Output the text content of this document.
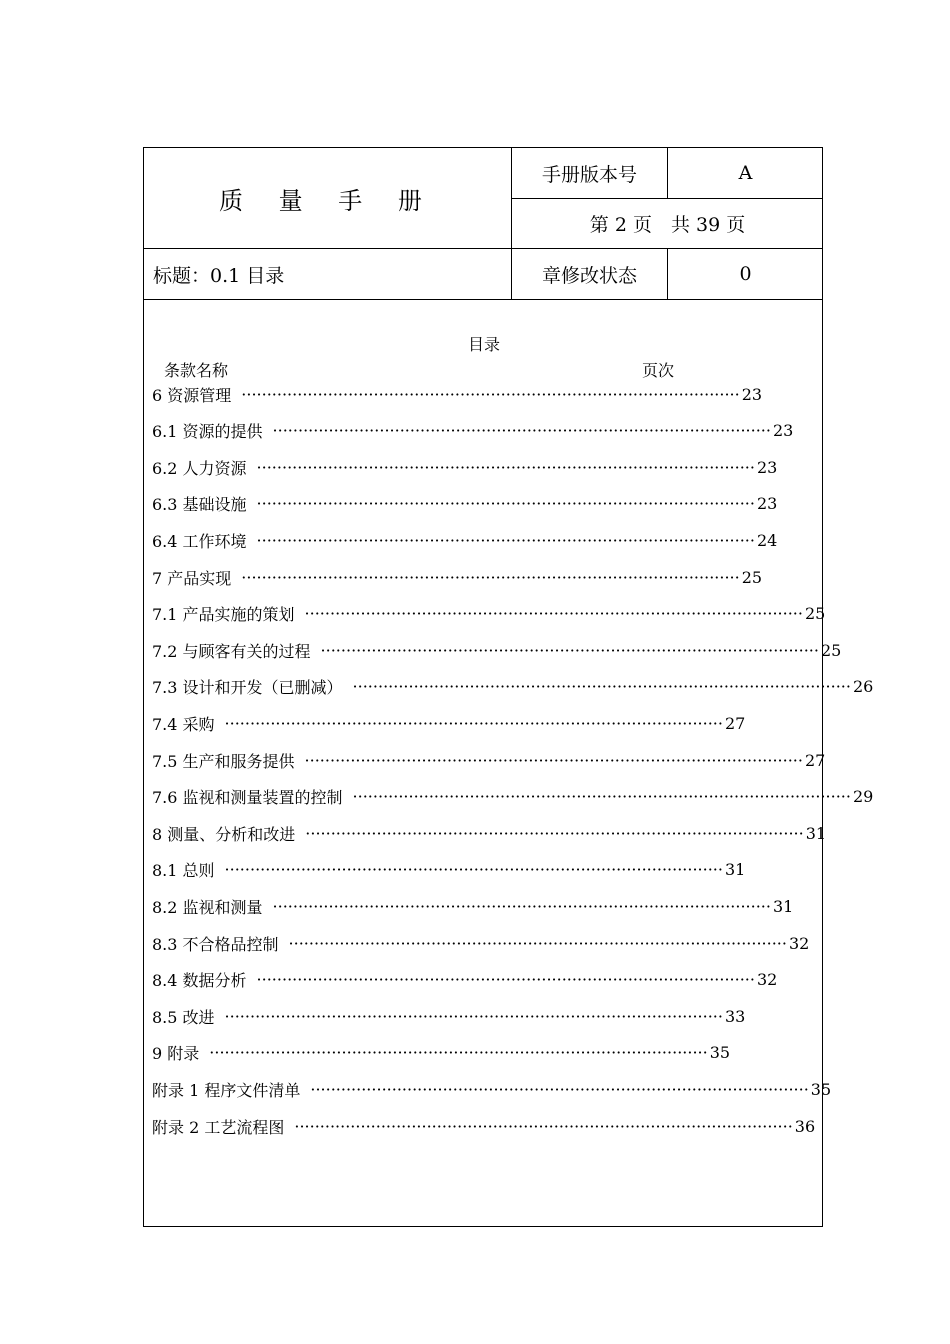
质 量 手 册
手册版本号	A
第 2 页　共 39 页
标题：0.1 目录	章修改状态	0
目录
条款名称	页次
6 资源管理 ·································································································· 23
6.1 资源的提供 ·································································································· 23
6.2 人力资源 ·································································································· 23
6.3 基础设施 ·································································································· 23
6.4 工作环境 ·································································································· 24
7 产品实现 ·································································································· 25
7.1 产品实施的策划 ·································································································· 25
7.2 与顾客有关的过程 ·································································································· 25
7.3 设计和开发（已删减） ·································································································· 26
7.4 采购 ·································································································· 27
7.5 生产和服务提供 ·································································································· 27
7.6 监视和测量装置的控制 ·································································································· 29
8 测量、分析和改进 ·································································································· 31
8.1 总则 ·································································································· 31
8.2 监视和测量 ·································································································· 31
8.3 不合格品控制 ·································································································· 32
8.4 数据分析 ·································································································· 32
8.5 改进 ·································································································· 33
9 附录 ·································································································· 35
附录 1 程序文件清单 ·································································································· 35
附录 2 工艺流程图 ·································································································· 36
